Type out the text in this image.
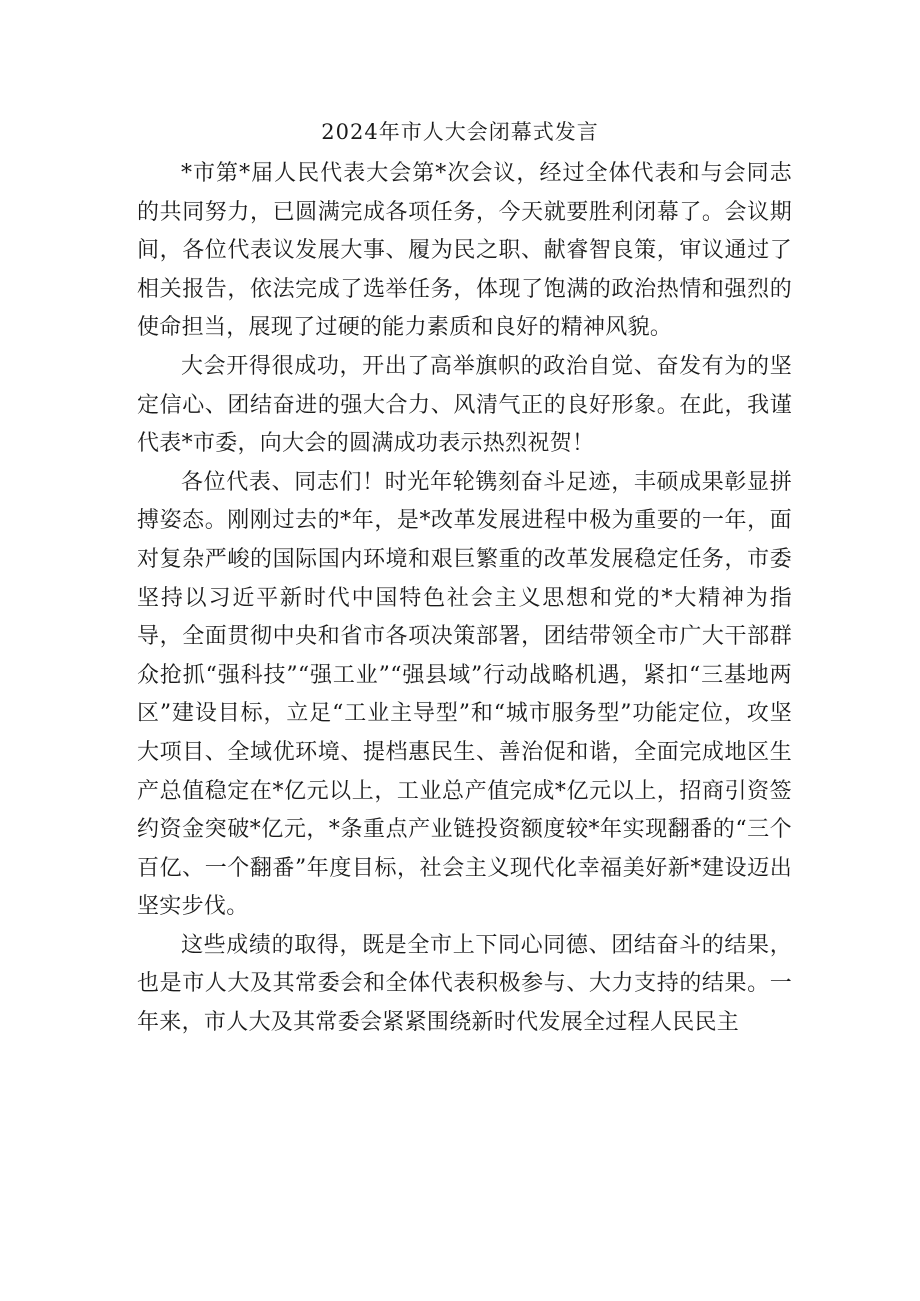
2024年市人大会闭幕式发言

*市第*届人民代表大会第*次会议，经过全体代表和与会同志的共同努力，已圆满完成各项任务，今天就要胜利闭幕了。会议期间，各位代表议发展大事、履为民之职、献睿智良策，审议通过了相关报告，依法完成了选举任务，体现了饱满的政治热情和强烈的使命担当，展现了过硬的能力素质和良好的精神风貌。

大会开得很成功，开出了高举旗帜的政治自觉、奋发有为的坚定信心、团结奋进的强大合力、风清气正的良好形象。在此，我谨代表*市委，向大会的圆满成功表示热烈祝贺！

各位代表、同志们！时光年轮镌刻奋斗足迹，丰硕成果彰显拼搏姿态。刚刚过去的*年，是*改革发展进程中极为重要的一年，面对复杂严峻的国际国内环境和艰巨繁重的改革发展稳定任务，市委坚持以习近平新时代中国特色社会主义思想和党的*大精神为指导，全面贯彻中央和省市各项决策部署，团结带领全市广大干部群众抢抓“强科技”“强工业”“强县域”行动战略机遇，紧扣“三基地两区”建设目标，立足“工业主导型”和“城市服务型”功能定位，攻坚大项目、全域优环境、提档惠民生、善治促和谐，全面完成地区生产总值稳定在*亿元以上，工业总产值完成*亿元以上，招商引资签约资金突破*亿元，*条重点产业链投资额度较*年实现翻番的“三个百亿、一个翻番”年度目标，社会主义现代化幸福美好新*建设迈出坚实步伐。

这些成绩的取得，既是全市上下同心同德、团结奋斗的结果，也是市人大及其常委会和全体代表积极参与、大力支持的结果。一年来，市人大及其常委会紧紧围绕新时代发展全过程人民民主
